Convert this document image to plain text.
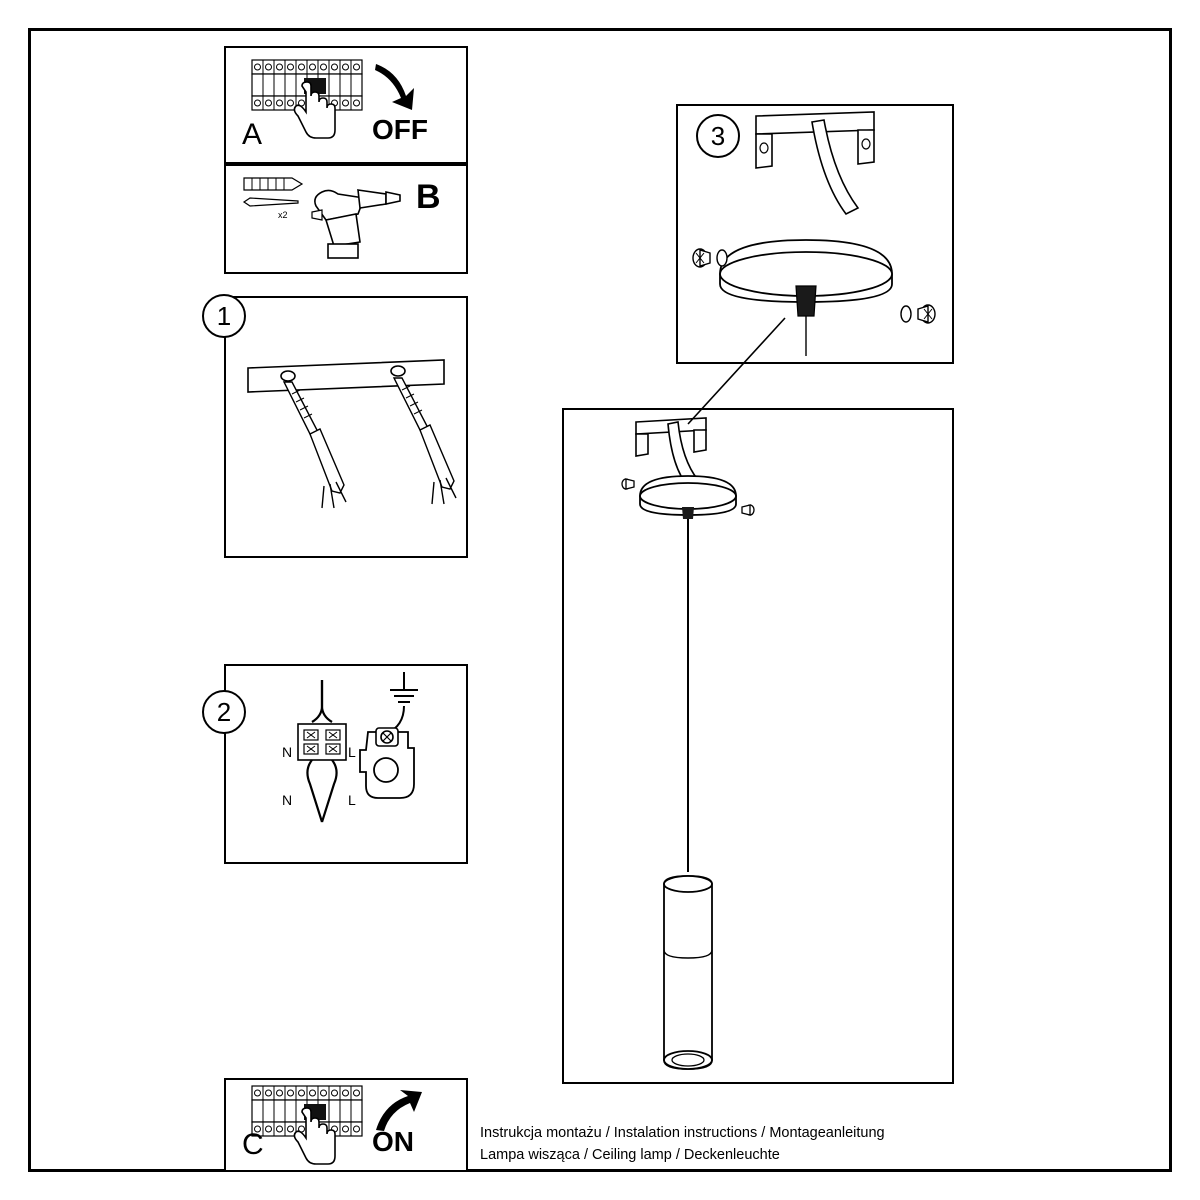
A	OFF
x2	B
1
2
N	L
N	L
C	ON
3
Instrukcja montażu / Instalation instructions / Montageanleitung
Lampa wisząca / Ceiling lamp / Deckenleuchte
